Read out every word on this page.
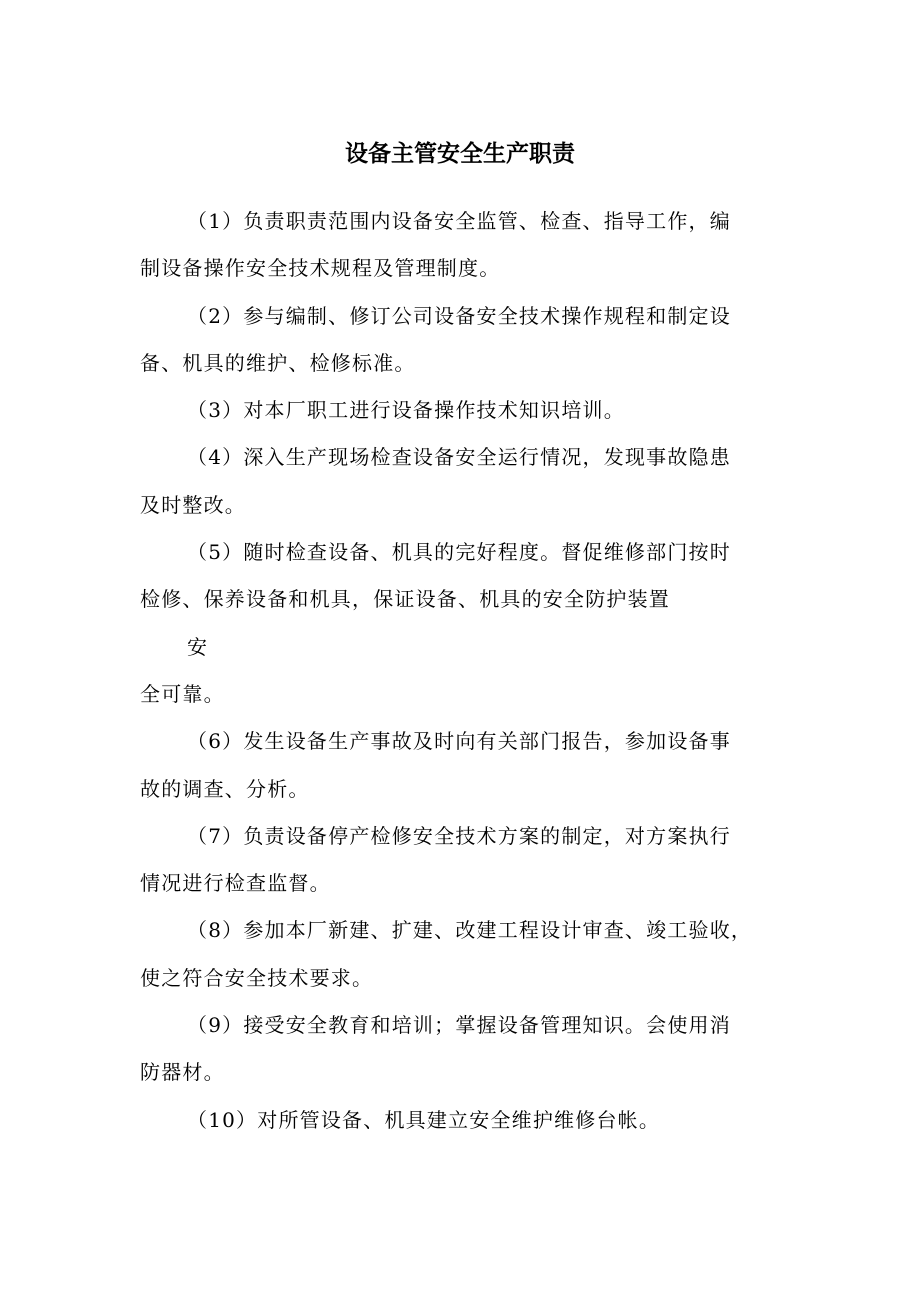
设备主管安全生产职责
（1）负责职责范围内设备安全监管、检查、指导工作，编
制设备操作安全技术规程及管理制度。
（2）参与编制、修订公司设备安全技术操作规程和制定设
备、机具的维护、检修标准。
（3）对本厂职工进行设备操作技术知识培训。
（4）深入生产现场检查设备安全运行情况，发现事故隐患
及时整改。
（5）随时检查设备、机具的完好程度。督促维修部门按时
检修、保养设备和机具，保证设备、机具的安全防护装置
安
全可靠。
（6）发生设备生产事故及时向有关部门报告，参加设备事
故的调查、分析。
（7）负责设备停产检修安全技术方案的制定，对方案执行
情况进行检查监督。
（8）参加本厂新建、扩建、改建工程设计审查、竣工验收，
使之符合安全技术要求。
（9）接受安全教育和培训；掌握设备管理知识。会使用消
防器材。
（10）对所管设备、机具建立安全维护维修台帐。
